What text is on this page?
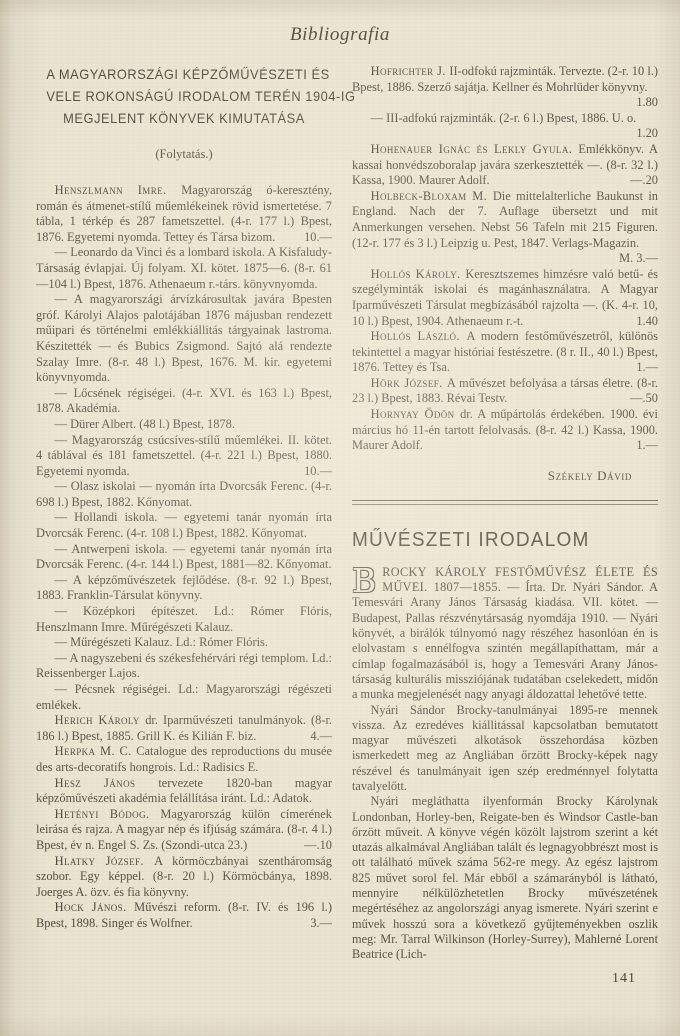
Bibliografia
A MAGYARORSZÁGI KÉPZŐMŰVÉSZETI ÉS
VELE ROKONSÁGÚ IRODALOM TERÉN 1904-IG
MEGJELENT KÖNYVEK KIMUTATÁSA
(Folytatás.)

Henszlmann Imre. Magyarország ó-keresztény, román és átmenet-stílű műemlékeinek rövid ismertetése. 7 tábla, 1 térkép és 287 fametszettel. (4-r. 177 l.) Bpest, 1876. Egyetemi nyomda. Tettey és Társa bizom.	10.—

— Leonardo da Vinci és a lombard iskola. A Kisfaludy-Társaság évlapjai. Új folyam. XI. kötet. 1875—6. (8-r. 61—104 l.) Bpest, 1876. Athenaeum r.-társ. könyvnyomda.

— A magyarországi árvízkárosultak javára Bpesten gróf. Károlyi Alajos palotájában 1876 májusban rendezett műipari és történelmi emlékkiállitás tárgyainak lastroma. Készitették — és Bubics Zsigmond. Sajtó alá rendezte Szalay Imre. (8-r. 48 l.) Bpest, 1676. M. kir. egyetemi könyvnyomda.

— Lőcsének régiségei. (4-r. XVI. és 163 l.) Bpest, 1878. Akadémia.

— Dürer Albert. (48 l.) Bpest, 1878.

— Magyarország csúcsíves-stílű műemlékei. II. kötet. 4 táblával és 181 fametszettel. (4-r. 221 l.) Bpest, 1880. Egyetemi nyomda.	10.—

— Olasz iskolai — nyomán írta Dvorcsák Ferenc. (4-r. 698 l.) Bpest, 1882. Kőnyomat.

— Hollandi iskola. — egyetemi tanár nyomán írta Dvorcsák Ferenc. (4-r. 108 l.) Bpest, 1882. Kőnyomat.

— Antwerpeni iskola. — egyetemi tanár nyomán írta Dvorcsák Ferenc. (4-r. 144 l.) Bpest, 1881—82. Kőnyomat.

— A képzőművészetek fejlődése. (8-r. 92 l.) Bpest, 1883. Franklin-Társulat könyvny.

— Középkori építészet. Ld.: Rómer Flóris, Henszlmann Imre. Műrégészeti Kalauz.

— Műrégészeti Kalauz. Ld.: Rómer Flóris.

— A nagyszebeni és székesfehérvári régi templom. Ld.: Reissenberger Lajos.

— Pécsnek régiségei. Ld.: Magyarországi régészeti emlékek.

Herich Károly dr. Iparművészeti tanulmányok. (8-r. 186 l.) Bpest, 1885. Grill K. és Kilián F. biz.	4.—

Herpka M. C. Catalogue des reproductions du musée des arts-decoratifs hongrois. Ld.: Radisics E.

Hesz János tervezete 1820-ban magyar képzőművészeti akadémia felállítása iránt. Ld.: Adatok.

Hetényi Bódog. Magyarország külön címerének leirása és rajza. A magyar nép és ifjúság számára. (8-r. 4 l.) Bpest, év n. Engel S. Zs. (Szondi-utca 23.)	—.10

Hlatky József. A körmöczbányai szentháromság szobor. Egy képpel. (8-r. 20 l.) Körmöcbánya, 1898. Joerges A. özv. és fia könyvny.

Hock János. Művészi reform. (8-r. IV. és 196 l.) Bpest, 1898. Singer és Wolfner.	3.—

Hofrichter J. II-odfokú rajzminták. Tervezte. (2-r. 10 l.) Bpest, 1886. Szerző sajátja. Kellner és Mohrlüder könyvny.
1.80

— III-adfokú rajzminták. (2-r. 6 l.) Bpest, 1886. U. o.
1.20

Hohenauer Ignác és Lekly Gyula. Emlékkönyv. A kassai honvédszoboralap javára szerkesztették —. (8-r. 32 l.) Kassa, 1900. Maurer Adolf.	—.20

Holbeck-Bloxam M. Die mittelalterliche Baukunst in England. Nach der 7. Auflage übersetzt und mit Anmerkungen versehen. Nebst 56 Tafeln mit 215 Figuren. (12-r. 177 és 3 l.) Leipzig u. Pest, 1847. Verlags-Magazin.
M. 3.—

Hollós Károly. Keresztszemes himzésre való betű- és szegélyminták iskolai és magánhasználatra. A Magyar Iparművészeti Társulat megbízásából rajzolta —. (K. 4-r. 10, 10 l.) Bpest, 1904. Athenaeum r.-t.	1.40

Hollós László. A modern festőművészetről, különös tekintettel a magyar históriai festészetre. (8 r. II., 40 l.) Bpest, 1876. Tettey és Tsa.	1.—

Hörk József. A művészet befolyása a társas életre. (8-r. 23 l.) Bpest, 1883. Révai Testv.	—.50

Hornyay Ödön dr. A műpártolás érdekében. 1900. évi március hó 11-én tartott felolvasás. (8-r. 42 l.) Kassa, 1900. Maurer Adolf.	1.—

Székely Dávid
MŰVÉSZETI IRODALOM

BROCKY KÁROLY FESTŐMŰVÉSZ ÉLETE ÉS MŰVEI. 1807—1855. — Írta. Dr. Nyári Sándor. A Temesvári Arany János Társaság kiadása. VII. kötet. — Budapest, Pallas részvénytársaság nyomdája 1910. — Nyári könyvét, a birálók túlnyomó nagy részéhez hasonlóan én is elolvastam s ennélfogva szintén megállapíthattam, már a címlap fogalmazásából is, hogy a Temesvári Arany János-társaság kulturális missziójának tudatában cselekedett, midőn a munka megjelenését nagy anyagi áldozattal lehetővé tette.

Nyári Sándor Brocky-tanulmányai 1895-re mennek vissza. Az ezredéves kiállitással kapcsolatban bemutatott magyar művészeti alkotások összehordása közben ismerkedett meg az Angliában őrzött Brocky-képek nagy részével és tanulmányait igen szép eredménnyel folytatta tavalyelőtt.

Nyári megláthatta ilyenformán Brocky Károlynak Londonban, Horley-ben, Reigate-ben és Windsor Castle-ban őrzött műveit. A könyve végén közölt lajstrom szerint a két utazás alkalmával Angliában talált és legnagyobbrészt most is ott található művek száma 562-re megy. Az egész lajstrom 825 művet sorol fel. Már ebből a számarányból is látható, mennyire nélkülözhetetlen Brocky művészetének megértéséhez az angolországi anyag ismerete. Nyári szerint e művek hosszú sora a következő gyűjteményekben oszlik meg: Mr. Tarral Wilkinson (Horley-Surrey), Mahlerné Lorent Beatrice (Lich-

141
